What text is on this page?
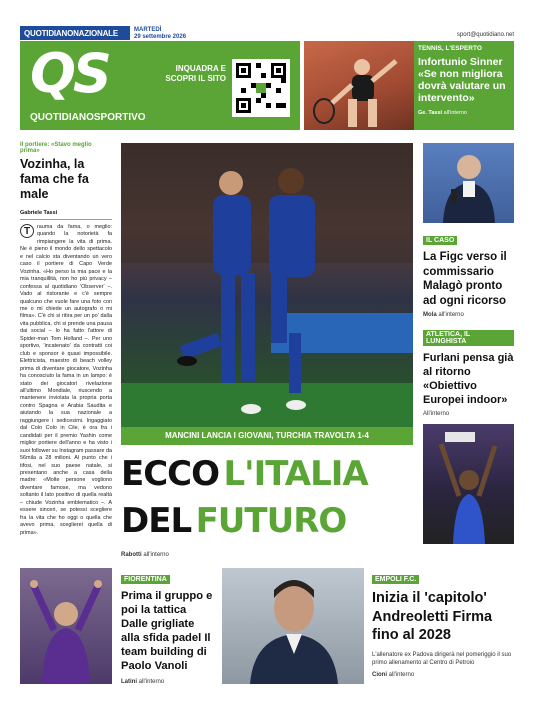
QUOTIDIANONAZIONALE	MARTEDÌ
29 settembre 2026	sport@quotidiano.net
QS
QUOTIDIANOSPORTIVO
INQUADRA E SCOPRI IL SITO
TENNIS, L'ESPERTO
Infortunio Sinner «Se non migliora dovrà valutare un intervento»
Ge. Tassi all'interno
Il portiere: «Stavo meglio prima»
Vozinha, la fama che fa male
Gabriele Tassi
T	rauma da fama, o meglio: quando la notorietà fa rimpiangere la vita di prima. Ne è pieno il mondo dello spettacolo e nel calcio sta diventando un vero caso il portiere di Capo Verde Vozinha. «Ho perso la mia pace e la mia tranquillità, non ho più privacy – confessa al quotidiano 'Observer' –. Vado al ristorante e c'è sempre qualcuno che vuole fare una foto con me o mi chiede un autografo o mi filma». C'è chi si ritira per un po' dalla vita pubblica, chi si prende una pausa dai social – lo ha fatto l'attore di Spider-man Tom Holland –. Per uno sportivo, 'incatenato' da contratti coi club e sponsor è quasi impossibile. Elettricista, maestro di beach volley prima di diventare giocatore, Vozinha ha conosciuto la fama in un lampo: è stato dei giocatori rivelazione all'ultimo Mondiale, riuscendo a mantenere inviolata la propria porta contro Spagna e Arabia Saudita e aiutando la sua nazionale a raggiungere i sedicesimi. Ingaggiato dal Colo Colo in Cile, è ora fra i candidati per il premio Yashin come miglior portiere dell'anno e ha visto i suoi follower su Instagram passare da 56mila a 28 milioni. Al punto che i tifosi, nel suo paese natale, si presentano anche a casa della madre: «Molte persone vogliono diventare famose, ma vedono soltanto il lato positivo di quella realtà – chiude Vozinha emblematico –. A essere sinceri, se potessi scegliere fra la vita che ho oggi o quella che avevo prima, sceglierei quella di prima».
MANCINI LANCIA I GIOVANI, TURCHIA TRAVOLTA 1-4
ECCO L'ITALIA
DEL FUTURO
Rabotti all'interno
IL CASO
La Figc verso il commissario Malagò pronto ad ogni ricorso
Mola all'interno
ATLETICA, IL LUNGHISTA
Furlani pensa già al ritorno «Obiettivo Europei indoor»
All'interno
FIORENTINA
Prima il gruppo e poi la tattica Dalle grigliate alla sfida padel Il team building di Paolo Vanoli
Latini all'interno
EMPOLI F.C.
Inizia il 'capitolo' Andreoletti Firma fino al 2028
L'allenatore ex Padova dirigerà nel pomeriggio il suo primo allenamento al Centro di Petroio
Cioni all'interno
